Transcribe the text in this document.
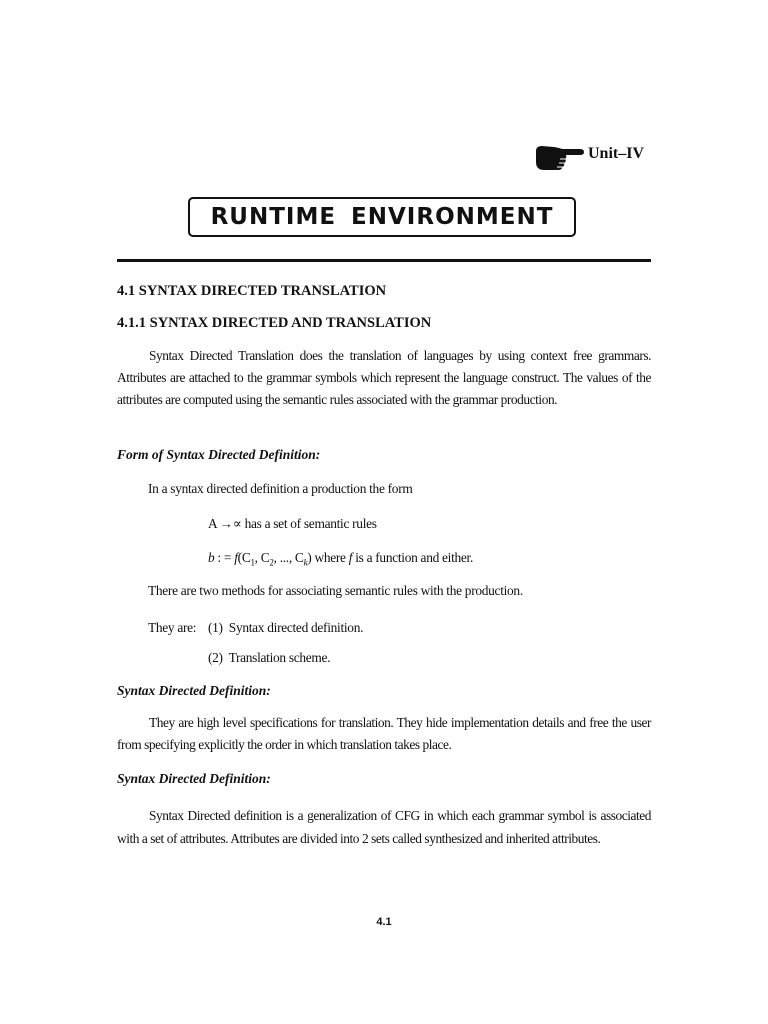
Unit–IV
RUNTIME ENVIRONMENT
4.1 SYNTAX DIRECTED TRANSLATION
4.1.1 SYNTAX DIRECTED AND TRANSLATION
Syntax Directed Translation does the translation of languages by using context free grammars. Attributes are attached to the grammar symbols which represent the language construct. The values of the attributes are computed using the semantic rules associated with the grammar production.
Form of Syntax Directed Definition:
In a syntax directed definition a production the form
A →∝ has a set of semantic rules
b : = $f(C_1$, $C_2$, ..., $C_k$) where f is a function and either.
There are two methods for associating semantic rules with the production.
They are: (1)  Syntax directed definition.
(2)  Translation scheme.
Syntax Directed Definition:
They are high level specifications for translation. They hide implementation details and free the user from specifying explicitly the order in which translation takes place.
Syntax Directed Definition:
Syntax Directed definition is a generalization of CFG in which each grammar symbol is associated with a set of attributes. Attributes are divided into 2 sets called synthesized and inherited attributes.
4.1
